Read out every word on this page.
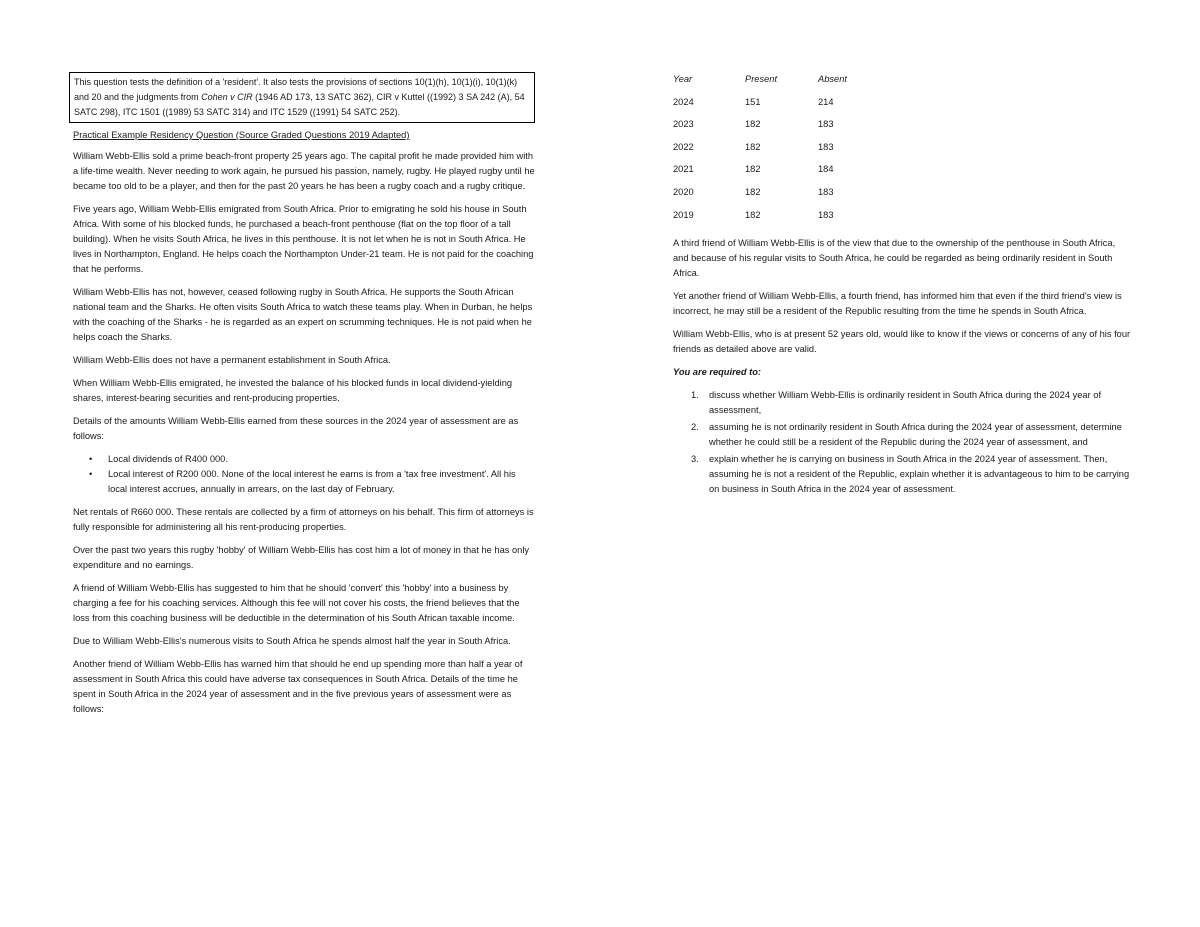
This question tests the definition of a 'resident'. It also tests the provisions of sections 10(1)(h), 10(1)(i), 10(1)(k) and 20 and the judgments from Cohen v CIR (1946 AD 173, 13 SATC 362), CIR v Kuttel ((1992) 3 SA 242 (A), 54 SATC 298), ITC 1501 ((1989) 53 SATC 314) and ITC 1529 ((1991) 54 SATC 252).

Practical Example Residency Question (Source Graded Questions 2019 Adapted)

William Webb-Ellis sold a prime beach-front property 25 years ago. The capital profit he made provided him with a life-time wealth. Never needing to work again, he pursued his passion, namely, rugby. He played rugby until he became too old to be a player, and then for the past 20 years he has been a rugby coach and a rugby critique.

Five years ago, William Webb-Ellis emigrated from South Africa. Prior to emigrating he sold his house in South Africa. With some of his blocked funds, he purchased a beach-front penthouse (flat on the top floor of a tall building). When he visits South Africa, he lives in this penthouse. It is not let when he is not in South Africa. He lives in Northampton, England. He helps coach the Northampton Under-21 team. He is not paid for the coaching that he performs.

William Webb-Ellis has not, however, ceased following rugby in South Africa. He supports the South African national team and the Sharks. He often visits South Africa to watch these teams play. When in Durban, he helps with the coaching of the Sharks - he is regarded as an expert on scrumming techniques. He is not paid when he helps coach the Sharks.

William Webb-Ellis does not have a permanent establishment in South Africa.

When William Webb-Ellis emigrated, he invested the balance of his blocked funds in local dividend-yielding shares, interest-bearing securities and rent-producing properties.

Details of the amounts William Webb-Ellis earned from these sources in the 2024 year of assessment are as follows:

• Local dividends of R400 000.
• Local interest of R200 000. None of the local interest he earns is from a 'tax free investment'. All his local interest accrues, annually in arrears, on the last day of February.

Net rentals of R660 000. These rentals are collected by a firm of attorneys on his behalf. This firm of attorneys is fully responsible for administering all his rent-producing properties.

Over the past two years this rugby 'hobby' of William Webb-Ellis has cost him a lot of money in that he has only expenditure and no earnings.

A friend of William Webb-Ellis has suggested to him that he should 'convert' this 'hobby' into a business by charging a fee for his coaching services. Although this fee will not cover his costs, the friend believes that the loss from this coaching business will be deductible in the determination of his South African taxable income.

Due to William Webb-Ellis's numerous visits to South Africa he spends almost half the year in South Africa.

Another friend of William Webb-Ellis has warned him that should he end up spending more than half a year of assessment in South Africa this could have adverse tax consequences in South Africa. Details of the time he spent in South Africa in the 2024 year of assessment and in the five previous years of assessment were as follows:

Year	Present	Absent
2024	151	214
2023	182	183
2022	182	183
2021	182	184
2020	182	183
2019	182	183

A third friend of William Webb-Ellis is of the view that due to the ownership of the penthouse in South Africa, and because of his regular visits to South Africa, he could be regarded as being ordinarily resident in South Africa.

Yet another friend of William Webb-Ellis, a fourth friend, has informed him that even if the third friend's view is incorrect, he may still be a resident of the Republic resulting from the time he spends in South Africa.

William Webb-Ellis, who is at present 52 years old, would like to know if the views or concerns of any of his four friends as detailed above are valid.

You are required to:

1. discuss whether William Webb-Ellis is ordinarily resident in South Africa during the 2024 year of assessment,
2. assuming he is not ordinarily resident in South Africa during the 2024 year of assessment, determine whether he could still be a resident of the Republic during the 2024 year of assessment, and
3. explain whether he is carrying on business in South Africa in the 2024 year of assessment. Then, assuming he is not a resident of the Republic, explain whether it is advantageous to him to be carrying on business in South Africa in the 2024 year of assessment.
